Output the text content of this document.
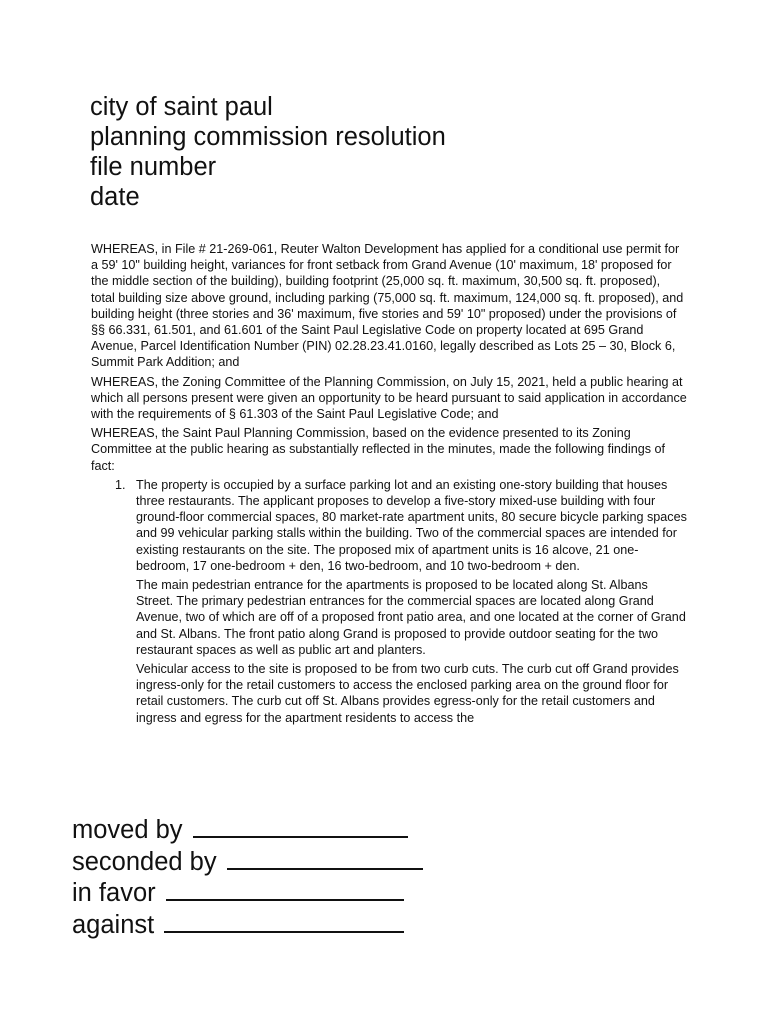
city of saint paul
planning commission resolution
file number
date

WHEREAS, in File # 21-269-061, Reuter Walton Development has applied for a conditional use permit for a 59' 10" building height, variances for front setback from Grand Avenue (10' maximum, 18' proposed for the middle section of the building), building footprint (25,000 sq. ft. maximum, 30,500 sq. ft. proposed), total building size above ground, including parking (75,000 sq. ft. maximum, 124,000 sq. ft. proposed), and building height (three stories and 36' maximum, five stories and 59' 10" proposed) under the provisions of §§ 66.331, 61.501, and 61.601 of the Saint Paul Legislative Code on property located at 695 Grand Avenue, Parcel Identification Number (PIN) 02.28.23.41.0160, legally described as Lots 25 – 30, Block 6, Summit Park Addition; and

WHEREAS, the Zoning Committee of the Planning Commission, on July 15, 2021, held a public hearing at which all persons present were given an opportunity to be heard pursuant to said application in accordance with the requirements of § 61.303 of the Saint Paul Legislative Code; and

WHEREAS, the Saint Paul Planning Commission, based on the evidence presented to its Zoning Committee at the public hearing as substantially reflected in the minutes, made the following findings of fact:

1. The property is occupied by a surface parking lot and an existing one-story building that houses three restaurants. The applicant proposes to develop a five-story mixed-use building with four ground-floor commercial spaces, 80 market-rate apartment units, 80 secure bicycle parking spaces and 99 vehicular parking stalls within the building. Two of the commercial spaces are intended for existing restaurants on the site. The proposed mix of apartment units is 16 alcove, 21 one-bedroom, 17 one-bedroom + den, 16 two-bedroom, and 10 two-bedroom + den.

The main pedestrian entrance for the apartments is proposed to be located along St. Albans Street. The primary pedestrian entrances for the commercial spaces are located along Grand Avenue, two of which are off of a proposed front patio area, and one located at the corner of Grand and St. Albans. The front patio along Grand is proposed to provide outdoor seating for the two restaurant spaces as well as public art and planters.

Vehicular access to the site is proposed to be from two curb cuts. The curb cut off Grand provides ingress-only for the retail customers to access the enclosed parking area on the ground floor for retail customers. The curb cut off St. Albans provides egress-only for the retail customers and ingress and egress for the apartment residents to access the

moved by
seconded by
in favor
against
